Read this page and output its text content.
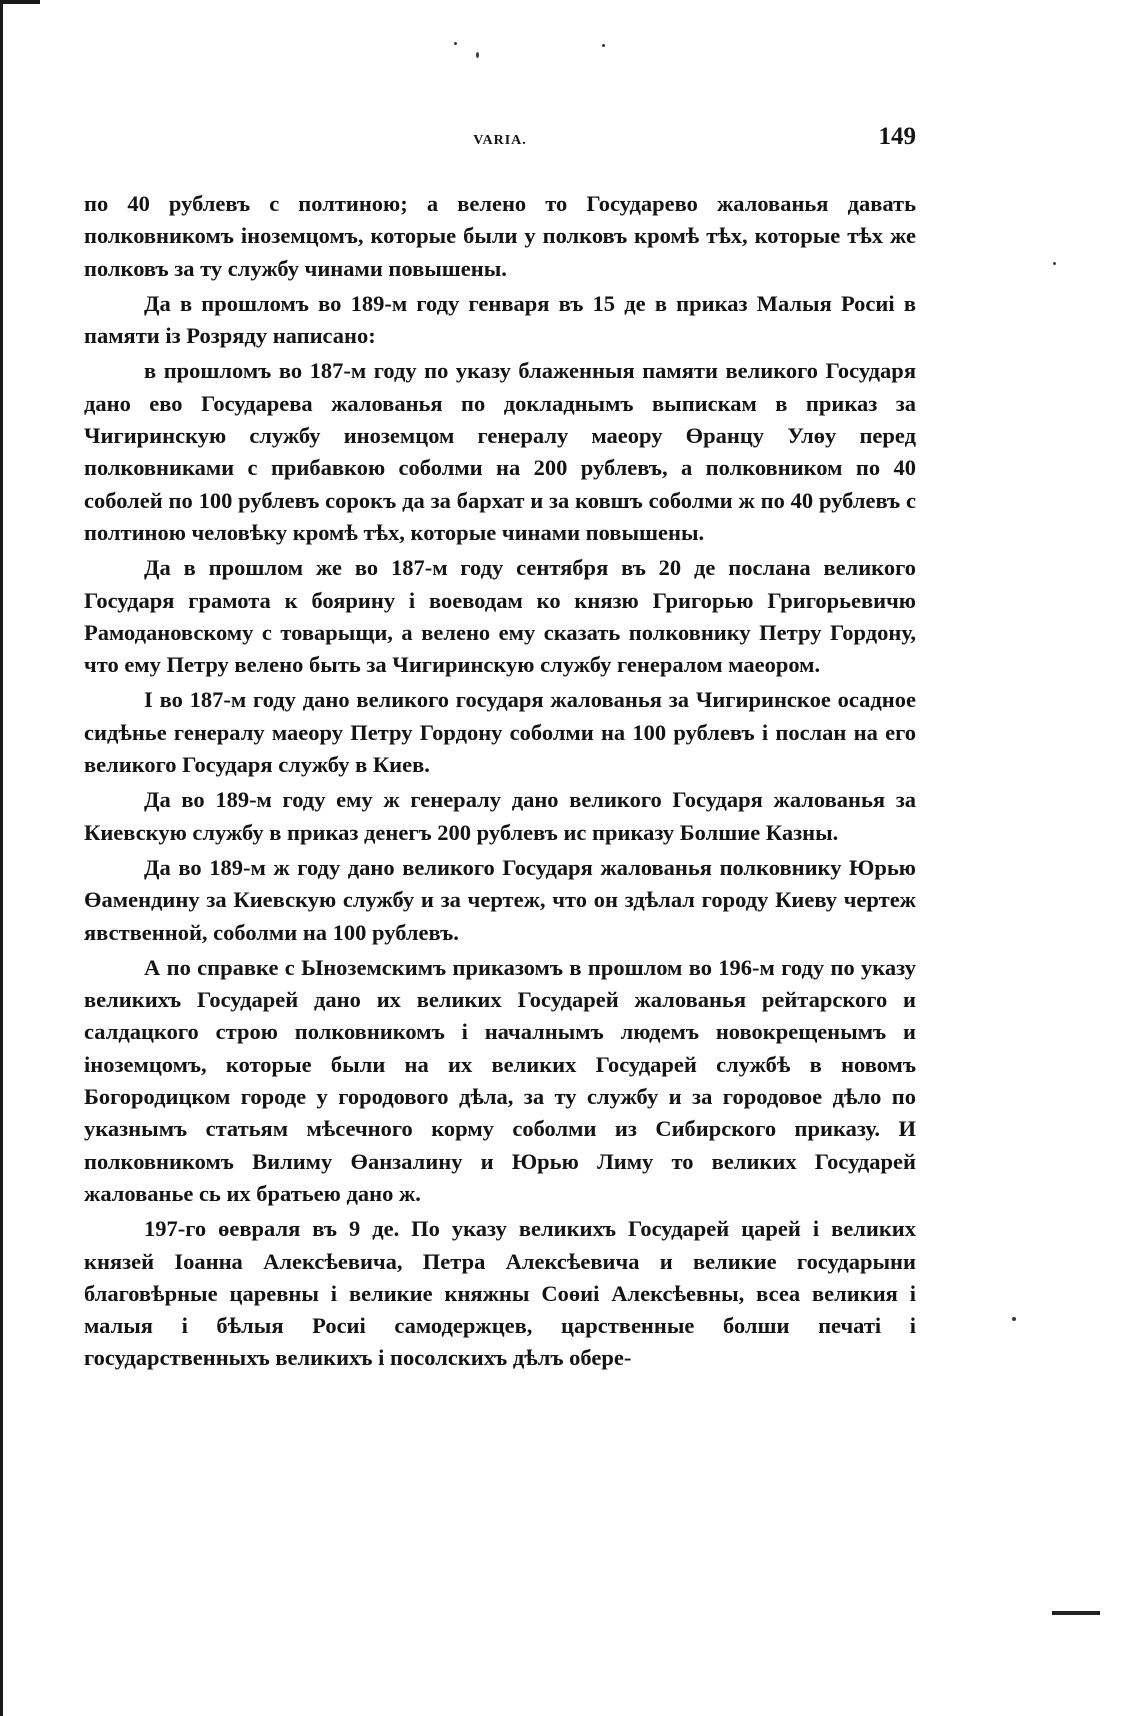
VARIA.	149

по 40 рублевъ с полтиною; а велено то Государево жалованья давать полковникомъ іноземцомъ, которые были у полковъ кромѣ тѣх, которые тѣх же полковъ за ту службу чинами повышены.

Да в прошломъ во 189-м году генваря въ 15 де в приказ Малыя Росиі в памяти із Розряду написано:

в прошломъ во 187-м году по указу блаженныя памяти великого Государя дано ево Государева жалованья по докладнымъ выпискам в приказ за Чигиринскую службу иноземцом генералу маеору Өранцу Улөу перед полковниками с прибавкою соболми на 200 рублевъ, а полковником по 40 соболей по 100 рублевъ сорокъ да за бархат и за ковшъ соболми ж по 40 рублевъ с полтиною человѣку кромѣ тѣх, которые чинами повышены.

Да в прошлом же во 187-м году сентября въ 20 де послана великого Государя грамота к боярину і воеводам ко князю Григорью Григорьевичю Рамодановскому с товарыщи, а велено ему сказать полковнику Петру Гордону, что ему Петру велено быть за Чигиринскую службу генералом маеором.

І во 187-м году дано великого государя жалованья за Чигиринское осадное сидѣнье генералу маеору Петру Гордону соболми на 100 рублевъ і послан на его великого Государя службу в Киев.

Да во 189-м году ему ж генералу дано великого Государя жалованья за Киевскую службу в приказ денегъ 200 рублевъ ис приказу Болшие Казны.

Да во 189-м ж году дано великого Государя жалованья полковнику Юрью Өамендину за Киевскую службу и за чертеж, что он здѣлал городу Киеву чертеж явственной, соболми на 100 рублевъ.

А по справке с Ыноземскимъ приказомъ в прошлом во 196-м году по указу великихъ Государей дано их великих Государей жалованья рейтарского и салдацкого строю полковникомъ і началнымъ людемъ новокрещенымъ и іноземцомъ, которые были на их великих Государей службѣ в новомъ Богородицком городе у городового дѣла, за ту службу и за городовое дѣло по указнымъ статьям мѣсечного корму соболми из Сибирского приказу. И полковникомъ Вилиму Өанзалину и Юрью Лиму то великих Государей жалованье сь их братьею дано ж.

197-го өевраля въ 9 де. По указу великихъ Государей царей і великих князей Іоанна Алексѣевича, Петра Алексѣевича и великие государыни благовѣрные царевны і великие княжны Соөиі Алексѣевны, всеа великия і малыя і бѣлыя Росиі самодержцев, царственные болши печаті і государственныхъ великихъ і посолскихъ дѣлъ обере-
